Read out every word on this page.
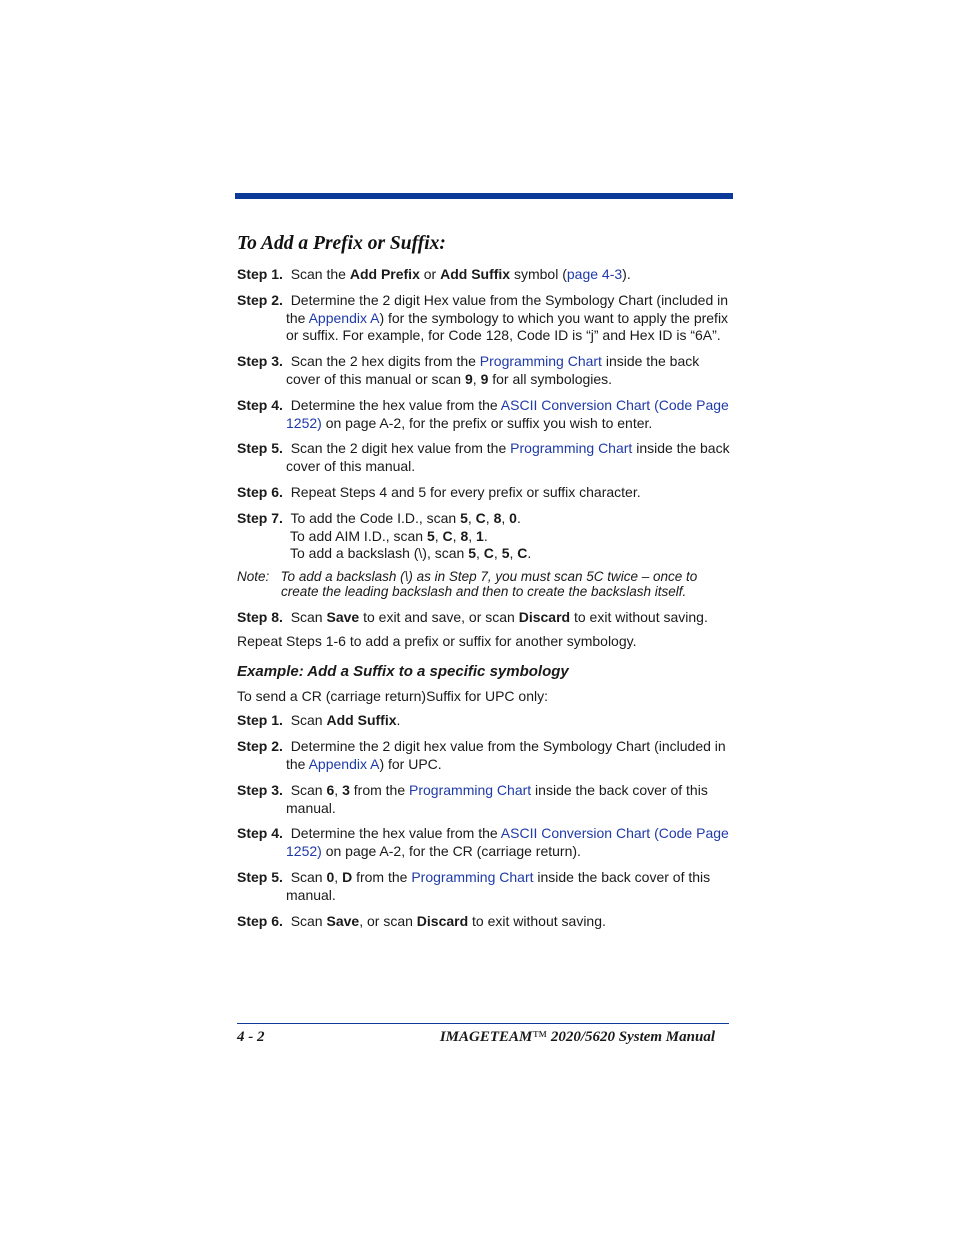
To Add a Prefix or Suffix:

Step 1. Scan the Add Prefix or Add Suffix symbol (page 4-3).

Step 2. Determine the 2 digit Hex value from the Symbology Chart (included in
the Appendix A) for the symbology to which you want to apply the prefix
or suffix. For example, for Code 128, Code ID is “j” and Hex ID is “6A”.

Step 3. Scan the 2 hex digits from the Programming Chart inside the back
cover of this manual or scan 9, 9 for all symbologies.

Step 4. Determine the hex value from the ASCII Conversion Chart (Code Page
1252) on page A-2, for the prefix or suffix you wish to enter.

Step 5. Scan the 2 digit hex value from the Programming Chart inside the back
cover of this manual.

Step 6. Repeat Steps 4 and 5 for every prefix or suffix character.

Step 7. To add the Code I.D., scan 5, C, 8, 0.
To add AIM I.D., scan 5, C, 8, 1.
To add a backslash (\), scan 5, C, 5, C.

Note: To add a backslash (\) as in Step 7, you must scan 5C twice – once to
create the leading backslash and then to create the backslash itself.

Step 8. Scan Save to exit and save, or scan Discard to exit without saving.

Repeat Steps 1-6 to add a prefix or suffix for another symbology.

Example: Add a Suffix to a specific symbology

To send a CR (carriage return)Suffix for UPC only:

Step 1. Scan Add Suffix.

Step 2. Determine the 2 digit hex value from the Symbology Chart (included in
the Appendix A) for UPC.

Step 3. Scan 6, 3 from the Programming Chart inside the back cover of this
manual.

Step 4. Determine the hex value from the ASCII Conversion Chart (Code Page
1252) on page A-2, for the CR (carriage return).

Step 5. Scan 0, D from the Programming Chart inside the back cover of this
manual.

Step 6. Scan Save, or scan Discard to exit without saving.

4 - 2	IMAGETEAM™ 2020/5620 System Manual
